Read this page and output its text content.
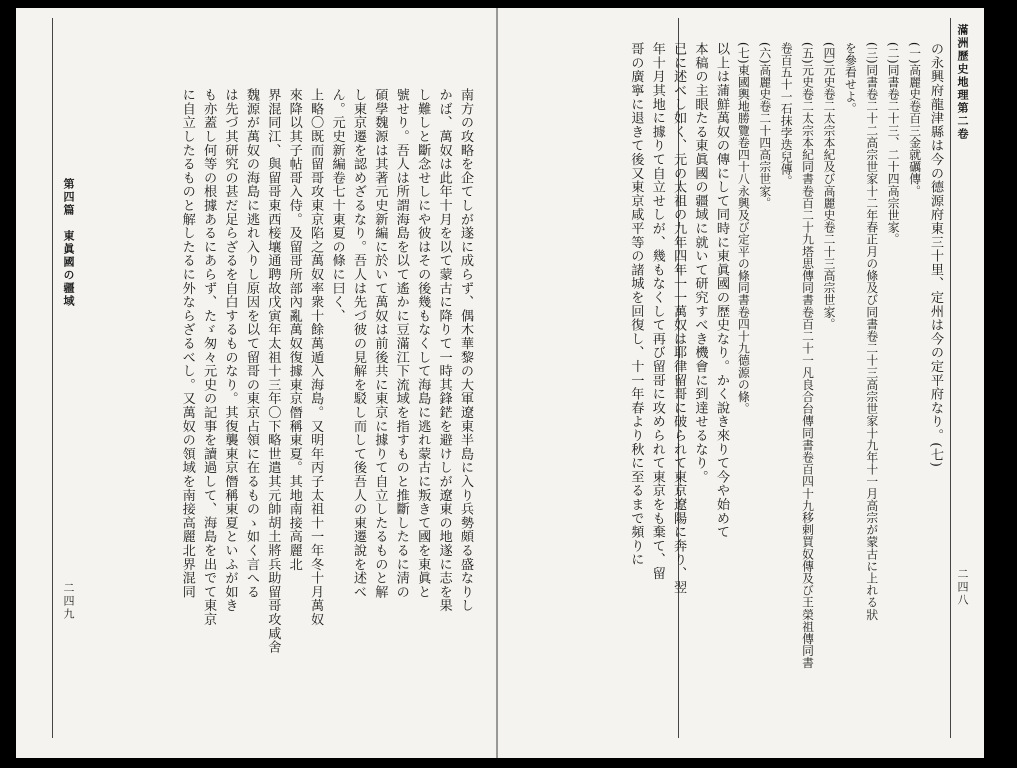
滿洲歷史地理第二卷
二四八
の永興府龍津縣は今の德源府東三十里、定州は今の定平府なり。(七)
(一)高麗史卷百三金就礪傳。
(二)同書卷二十三、二十四高宗世家。
(三)同書卷二十二高宗世家十二年春正月の條及び同書卷二十三高宗世家十九年十一月高宗が蒙古に上れる狀
を參看せよ。
(四)元史卷二太宗本紀及び高麗史卷二十三高宗世家。
(五)元史卷二太宗本紀同書卷百二十九塔思傳同書卷百二十一凡良合台傳同書卷百四十九移剌買奴傳及び王榮祖傳同書
卷百五十一石抹孛迭兒傳。
(六)高麗史卷二十四高宗世家。
(七)東國輿地勝覽卷四十八永興及び定平の條同書卷四十九德源の條。
以上は蒲鮮萬奴の傳にして同時に東眞國の歷史なり。かく說き來りて今や始めて
本稿の主眼たる東眞國の疆域に就いて研究すべき機會に到達せるなり。
已に述べし如く、元の太祖の九年四年一一萬奴は耶律留哥に破られて東京遼陽に奔り、翌
年十月其地に據りて自立せしが、幾もなくして再び留哥に攻められて東京をも棄て、留
哥の廣寧に退きて後又東京咸平等の諸城を回復し、十一年春より秋に至るまで頻りに
第四篇　東眞國の疆域
二四九	南方の攻略を企てしが遂に成らず、偶木華黎の大軍遼東半島に入り兵勢頗る盛なりし
かば、萬奴は此年十月を以て蒙古に降りて一時其鋒鋩を避けしが遼東の地遂に志を果
し難しと斷念せしにや彼はその後幾もなくして海島に逃れ蒙古に叛きて國を東眞と
號せり。吾人は所謂海島を以て遙かに豆滿江下流域を指すものと推斷したるに淸の
碩學魏源は其著元史新編に於いて萬奴は前後共に東京に據りて自立したるものと解
し東京遷を認めざるなり。吾人は先づ彼の見解を駁し而して後吾人の東遷說を述べ
ん。元史新編卷七十東夏の條に曰く、
上略〇既而留哥攻東京陷之萬奴率衆十餘萬遁入海島。又明年丙子太祖十一年冬十月萬奴
來降以其子帖哥入侍。及留哥所部內亂萬奴復據東京僭稱東夏。其地南接高麗北
界混同江、與留哥東西椄壤通聘故戊寅年太祖十三年〇下略世遣其元帥胡土將兵助留哥攻咸舍
魏源が萬奴の海島に逃れ入りし原因を以て留哥の東京占領に在るものゝ如く言へる
は先づ其研究の甚だ足らざるを自白するものなり。其復襲東京僭稱東夏といふが如き
も亦蓋し何等の根據あるにあらず、たゞ匆々元史の記事を讀過して、海島を出でて東京
に自立したるものと解したるに外ならざるべし。又萬奴の領域を南接高麗北界混同
